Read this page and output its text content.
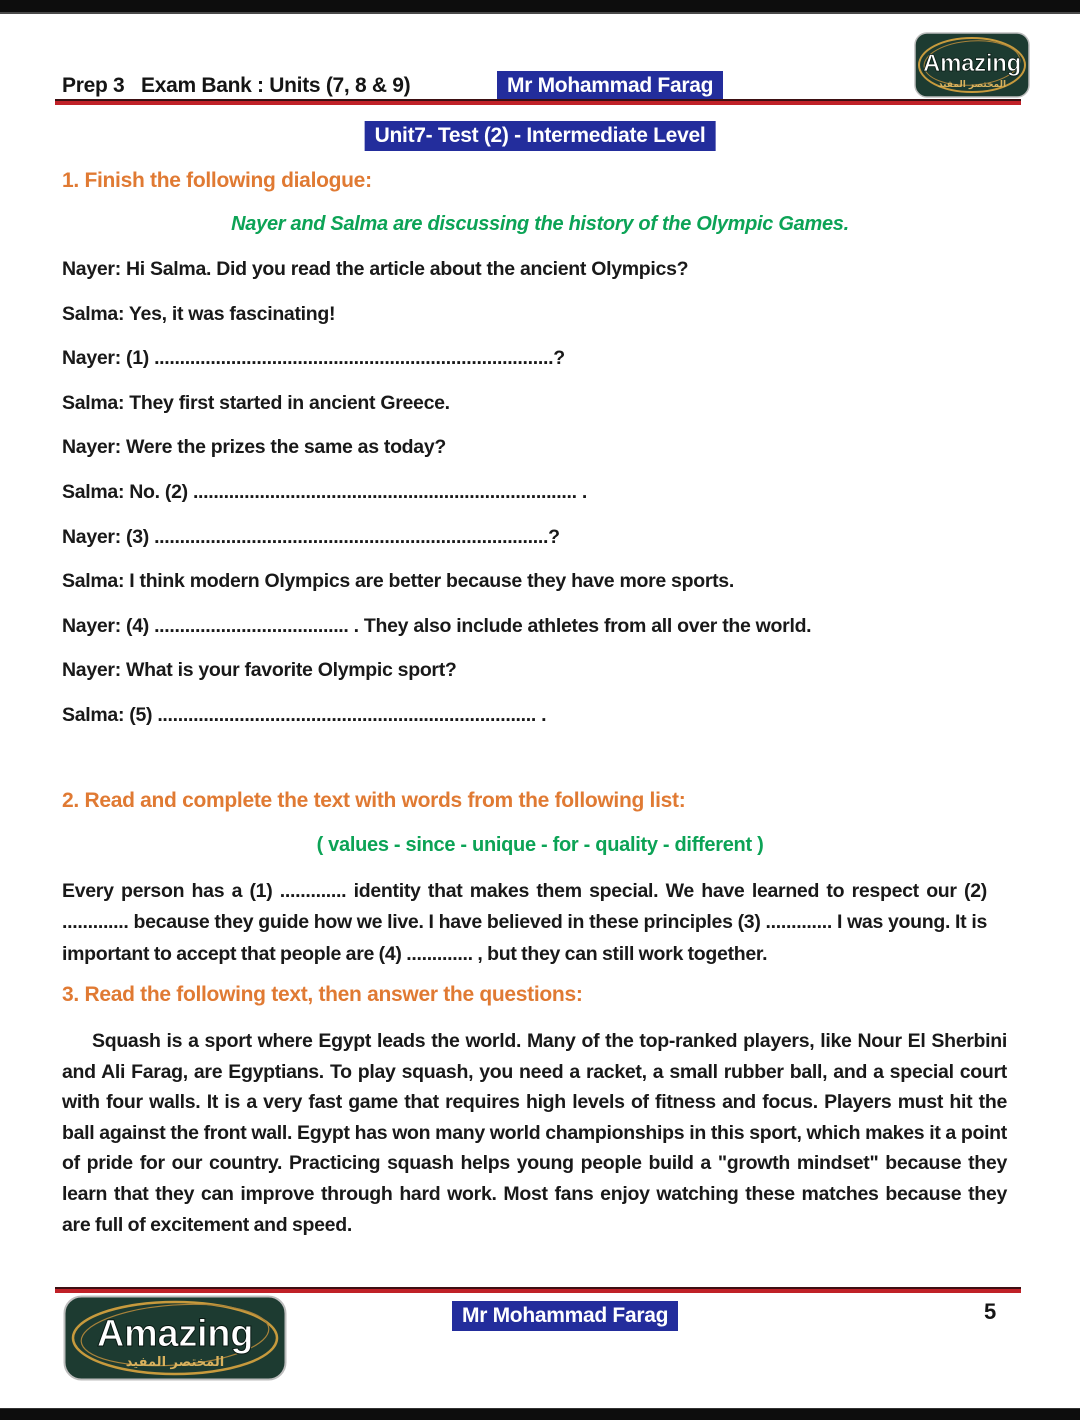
Prep 3   Exam Bank : Units (7, 8 & 9)	Mr Mohammad Farag
Amazing
المختصر المفيد
Unit7- Test (2) - Intermediate Level
1. Finish the following dialogue:
Nayer and Salma are discussing the history of the Olympic Games.
Nayer: Hi Salma. Did you read the article about the ancient Olympics?
Salma: Yes, it was fascinating!
Nayer: (1) ..............................................................................?
Salma: They first started in ancient Greece.
Nayer: Were the prizes the same as today?
Salma: No. (2) ........................................................................... .
Nayer: (3) .............................................................................?
Salma: I think modern Olympics are better because they have more sports.
Nayer: (4) ...................................... . They also include athletes from all over the world.
Nayer: What is your favorite Olympic sport?
Salma: (5) .......................................................................... .
2. Read and complete the text with words from the following list:
( values - since - unique - for - quality - different )
Every person has a (1) ............. identity that makes them special. We have learned to respect our (2) ............. because they guide how we live. I have believed in these principles (3) ............. I was young. It is important to accept that people are (4) ............. , but they can still work together.
3. Read the following text, then answer the questions:
Squash is a sport where Egypt leads the world. Many of the top-ranked players, like Nour El Sherbini and Ali Farag, are Egyptians. To play squash, you need a racket, a small rubber ball, and a special court with four walls. It is a very fast game that requires high levels of fitness and focus. Players must hit the ball against the front wall. Egypt has won many world championships in this sport, which makes it a point of pride for our country. Practicing squash helps young people build a "growth mindset" because they learn that they can improve through hard work. Most fans enjoy watching these matches because they are full of excitement and speed.
Amazing
المختصر المفيد
Mr Mohammad Farag	5
